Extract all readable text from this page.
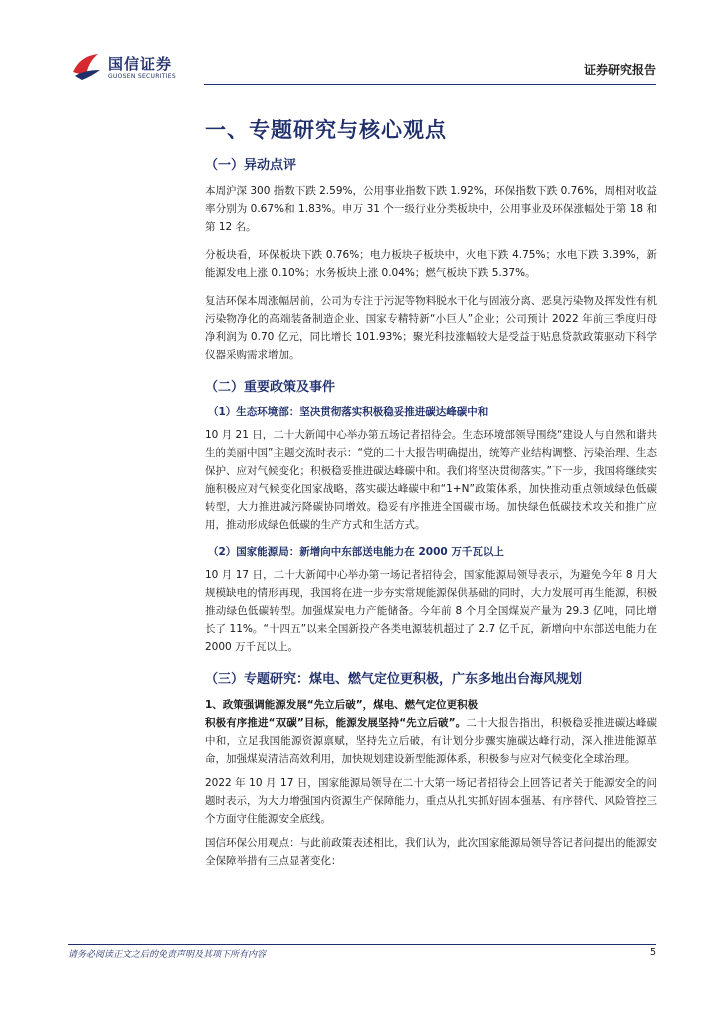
国信证券
GUOSEN SECURITIES	证券研究报告
一、专题研究与核心观点
（一）异动点评

本周沪深 300 指数下跌 2.59%，公用事业指数下跌 1.92%，环保指数下跌 0.76%，周相对收益率分别为 0.67%和 1.83%。申万 31 个一级行业分类板块中，公用事业及环保涨幅处于第 18 和第 12 名。

分板块看，环保板块下跌 0.76%；电力板块子板块中，火电下跌 4.75%；水电下跌 3.39%，新能源发电上涨 0.10%；水务板块上涨 0.04%；燃气板块下跌 5.37%。

复洁环保本周涨幅居前，公司为专注于污泥等物料脱水干化与固液分离、恶臭污染物及挥发性有机污染物净化的高端装备制造企业、国家专精特新“小巨人”企业；公司预计 2022 年前三季度归母净利润为 0.70 亿元，同比增长 101.93%；聚光科技涨幅较大是受益于贴息贷款政策驱动下科学仪器采购需求增加。

（二）重要政策及事件
（1）生态环境部：坚决贯彻落实积极稳妥推进碳达峰碳中和

10 月 21 日，二十大新闻中心举办第五场记者招待会。生态环境部领导围绕“建设人与自然和谐共生的美丽中国”主题交流时表示：“党的二十大报告明确提出，统筹产业结构调整、污染治理、生态保护、应对气候变化；积极稳妥推进碳达峰碳中和。我们将坚决贯彻落实。”下一步，我国将继续实施积极应对气候变化国家战略，落实碳达峰碳中和“1+N”政策体系，加快推动重点领域绿色低碳转型，大力推进减污降碳协同增效。稳妥有序推进全国碳市场。加快绿色低碳技术攻关和推广应用，推动形成绿色低碳的生产方式和生活方式。

（2）国家能源局：新增向中东部送电能力在 2000 万千瓦以上

10 月 17 日，二十大新闻中心举办第一场记者招待会，国家能源局领导表示，为避免今年 8 月大规模缺电的情形再现，我国将在进一步夯实常规能源保供基础的同时，大力发展可再生能源，积极推动绿色低碳转型。加强煤炭电力产能储备。今年前 8 个月全国煤炭产量为 29.3 亿吨，同比增长了 11%。“十四五”以来全国新投产各类电源装机超过了 2.7 亿千瓦，新增向中东部送电能力在 2000 万千瓦以上。

（三）专题研究：煤电、燃气定位更积极，广东多地出台海风规划
1、政策强调能源发展“先立后破”，煤电、燃气定位更积极

积极有序推进“双碳”目标，能源发展坚持“先立后破”。二十大报告指出，积极稳妥推进碳达峰碳中和，立足我国能源资源禀赋，坚持先立后破，有计划分步骤实施碳达峰行动，深入推进能源革命，加强煤炭清洁高效利用，加快规划建设新型能源体系，积极参与应对气候变化全球治理。

2022 年 10 月 17 日，国家能源局领导在二十大第一场记者招待会上回答记者关于能源安全的问题时表示，为大力增强国内资源生产保障能力，重点从扎实抓好固本强基、有序替代、风险管控三个方面守住能源安全底线。

国信环保公用观点：与此前政策表述相比，我们认为，此次国家能源局领导答记者问提出的能源安全保障举措有三点显著变化：

请务必阅读正文之后的免责声明及其项下所有内容	5
